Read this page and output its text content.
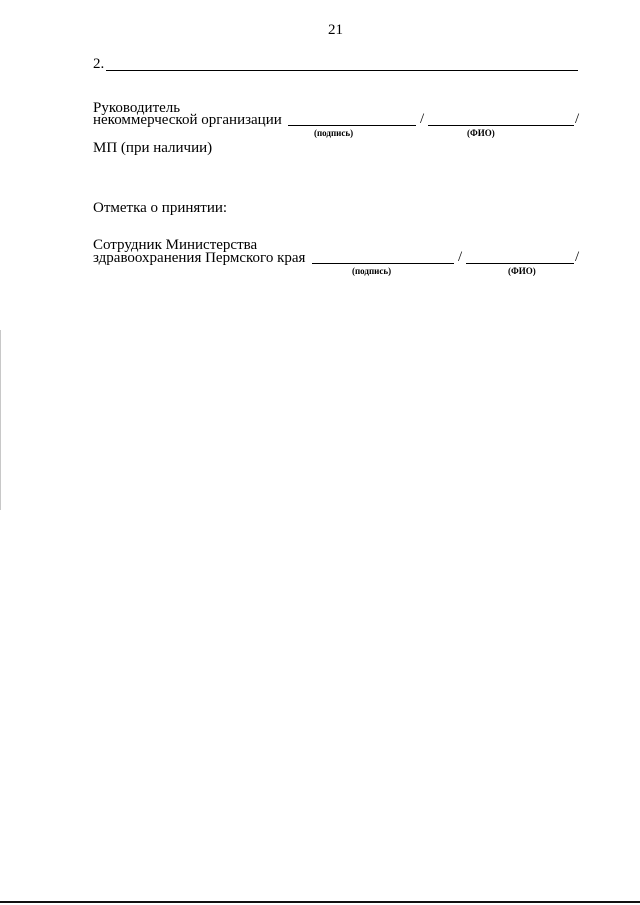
21
2.
Руководитель
некоммерческой организации	/	/
(подпись)	(ФИО)
МП (при наличии)
Отметка о принятии:
Сотрудник Министерства
здравоохранения Пермского края	/	/
(подпись)	(ФИО)
